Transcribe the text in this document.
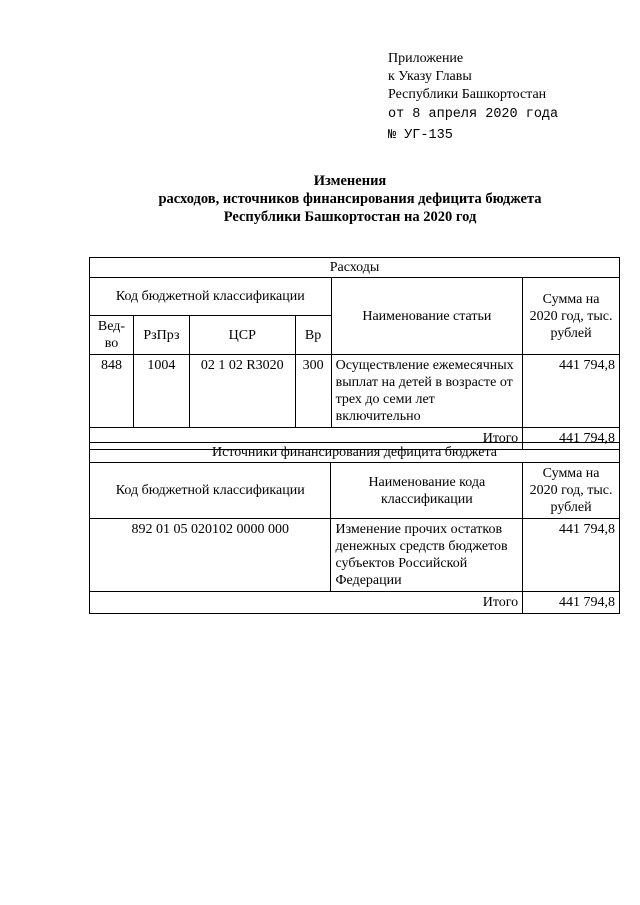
Приложение
к Указу Главы
Республики Башкортостан
от 8 апреля 2020 года
№ УГ-135
Изменения
расходов, источников финансирования дефицита бюджета
Республики Башкортостан на 2020 год
Расходы					
Код бюджетной классификации				Наименование статьи	Сумма на 2020 год, тыс. рублей
Вед-во	РзПрз	ЦСР	Вр		
848	1004	02 1 02 R3020	300	Осуществление ежемесячных выплат на детей в возрасте от трех до семи лет включительно	441 794,8
Итого					441 794,8
Источники финансирования дефицита бюджета		
Код бюджетной классификации	Наименование кода классификации	Сумма на 2020 год, тыс. рублей
892 01 05 020102 0000 000	Изменение прочих остатков денежных средств бюджетов субъектов Российской Федерации	441 794,8
Итого		441 794,8
